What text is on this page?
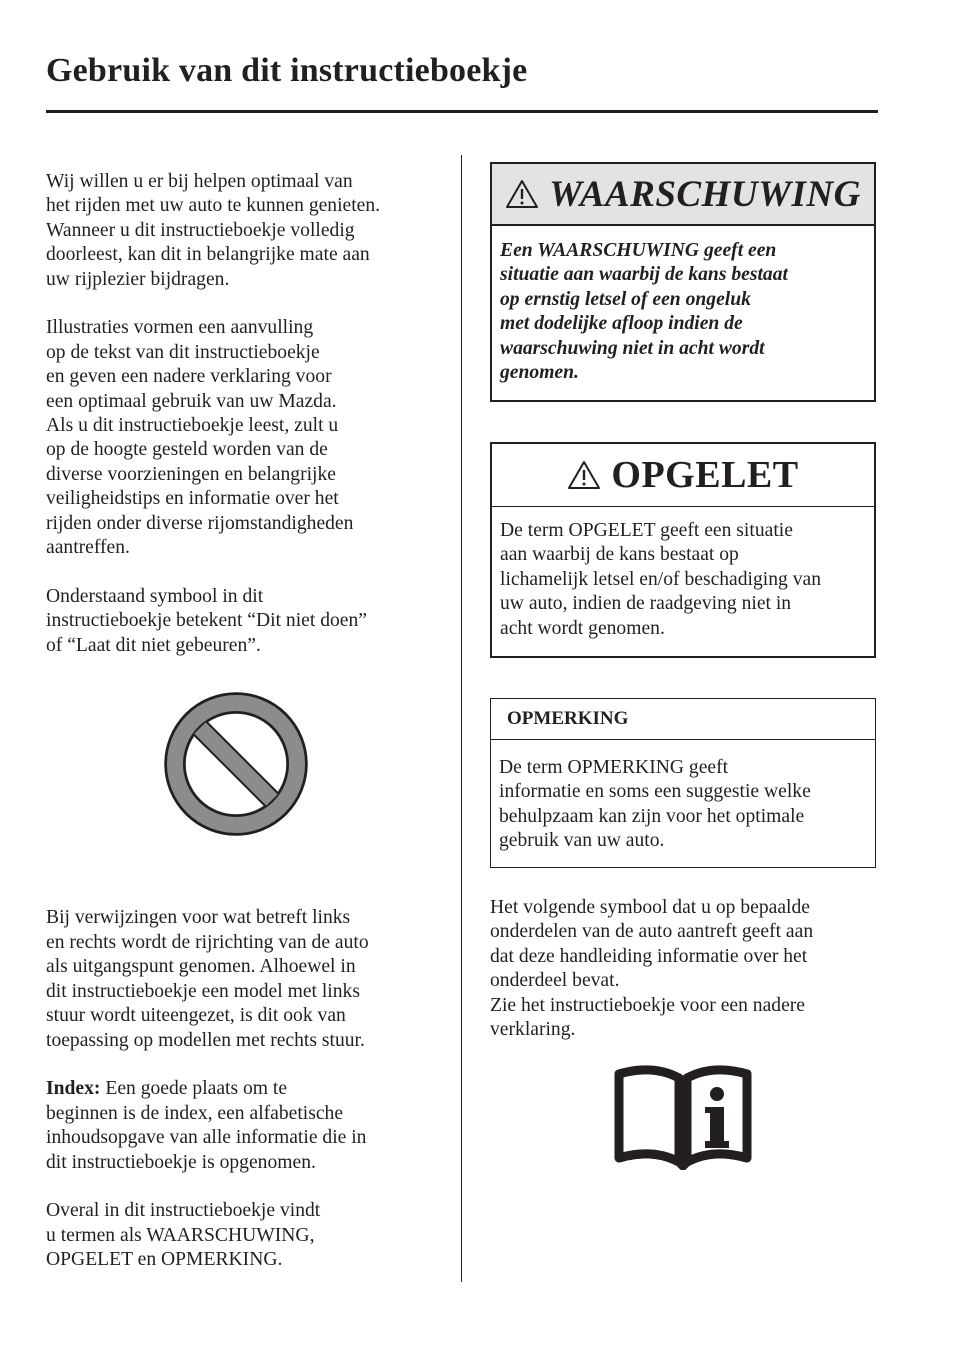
Gebruik van dit instructieboekje

Wij willen u er bij helpen optimaal van
het rijden met uw auto te kunnen genieten.
Wanneer u dit instructieboekje volledig
doorleest, kan dit in belangrijke mate aan
uw rijplezier bijdragen.

Illustraties vormen een aanvulling
op de tekst van dit instructieboekje
en geven een nadere verklaring voor
een optimaal gebruik van uw Mazda.
Als u dit instructieboekje leest, zult u
op de hoogte gesteld worden van de
diverse voorzieningen en belangrijke
veiligheidstips en informatie over het
rijden onder diverse rijomstandigheden
aantreffen.

Onderstaand symbool in dit
instructieboekje betekent “Dit niet doen”
of “Laat dit niet gebeuren”.

Bij verwijzingen voor wat betreft links
en rechts wordt de rijrichting van de auto
als uitgangspunt genomen. Alhoewel in
dit instructieboekje een model met links
stuur wordt uiteengezet, is dit ook van
toepassing op modellen met rechts stuur.

Index: Een goede plaats om te
beginnen is de index, een alfabetische
inhoudsopgave van alle informatie die in
dit instructieboekje is opgenomen.

Overal in dit instructieboekje vindt
u termen als WAARSCHUWING,
OPGELET en OPMERKING.

WAARSCHUWING
Een WAARSCHUWING geeft een
situatie aan waarbij de kans bestaat
op ernstig letsel of een ongeluk
met dodelijke afloop indien de
waarschuwing niet in acht wordt
genomen.
OPGELET
De term OPGELET geeft een situatie
aan waarbij de kans bestaat op
lichamelijk letsel en/of beschadiging van
uw auto, indien de raadgeving niet in
acht wordt genomen.
OPMERKING
De term OPMERKING geeft
informatie en soms een suggestie welke
behulpzaam kan zijn voor het optimale
gebruik van uw auto.

Het volgende symbool dat u op bepaalde
onderdelen van de auto aantreft geeft aan
dat deze handleiding informatie over het
onderdeel bevat.
Zie het instructieboekje voor een nadere
verklaring.
